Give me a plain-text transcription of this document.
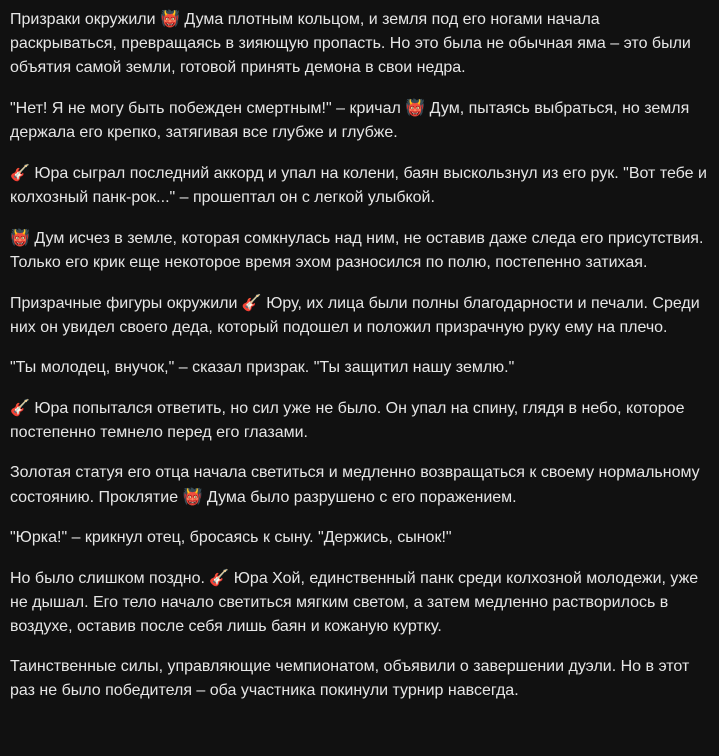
Призраки окружили 👹 Дума плотным кольцом, и земля под его ногами начала раскрываться, превращаясь в зияющую пропасть. Но это была не обычная яма – это были объятия самой земли, готовой принять демона в свои недра.

"Нет! Я не могу быть побежден смертным!" – кричал 👹 Дум, пытаясь выбраться, но земля держала его крепко, затягивая все глубже и глубже.

🎸 Юра сыграл последний аккорд и упал на колени, баян выскользнул из его рук. "Вот тебе и колхозный панк-рок..." – прошептал он с легкой улыбкой.

👹 Дум исчез в земле, которая сомкнулась над ним, не оставив даже следа его присутствия. Только его крик еще некоторое время эхом разносился по полю, постепенно затихая.

Призрачные фигуры окружили 🎸 Юру, их лица были полны благодарности и печали. Среди них он увидел своего деда, который подошел и положил призрачную руку ему на плечо.

"Ты молодец, внучок," – сказал призрак. "Ты защитил нашу землю."

🎸 Юра попытался ответить, но сил уже не было. Он упал на спину, глядя в небо, которое постепенно темнело перед его глазами.

Золотая статуя его отца начала светиться и медленно возвращаться к своему нормальному состоянию. Проклятие 👹 Дума было разрушено с его поражением.

"Юрка!" – крикнул отец, бросаясь к сыну. "Держись, сынок!"

Но было слишком поздно. 🎸 Юра Хой, единственный панк среди колхозной молодежи, уже не дышал. Его тело начало светиться мягким светом, а затем медленно растворилось в воздухе, оставив после себя лишь баян и кожаную куртку.

Таинственные силы, управляющие чемпионатом, объявили о завершении дуэли. Но в этот раз не было победителя – оба участника покинули турнир навсегда.
